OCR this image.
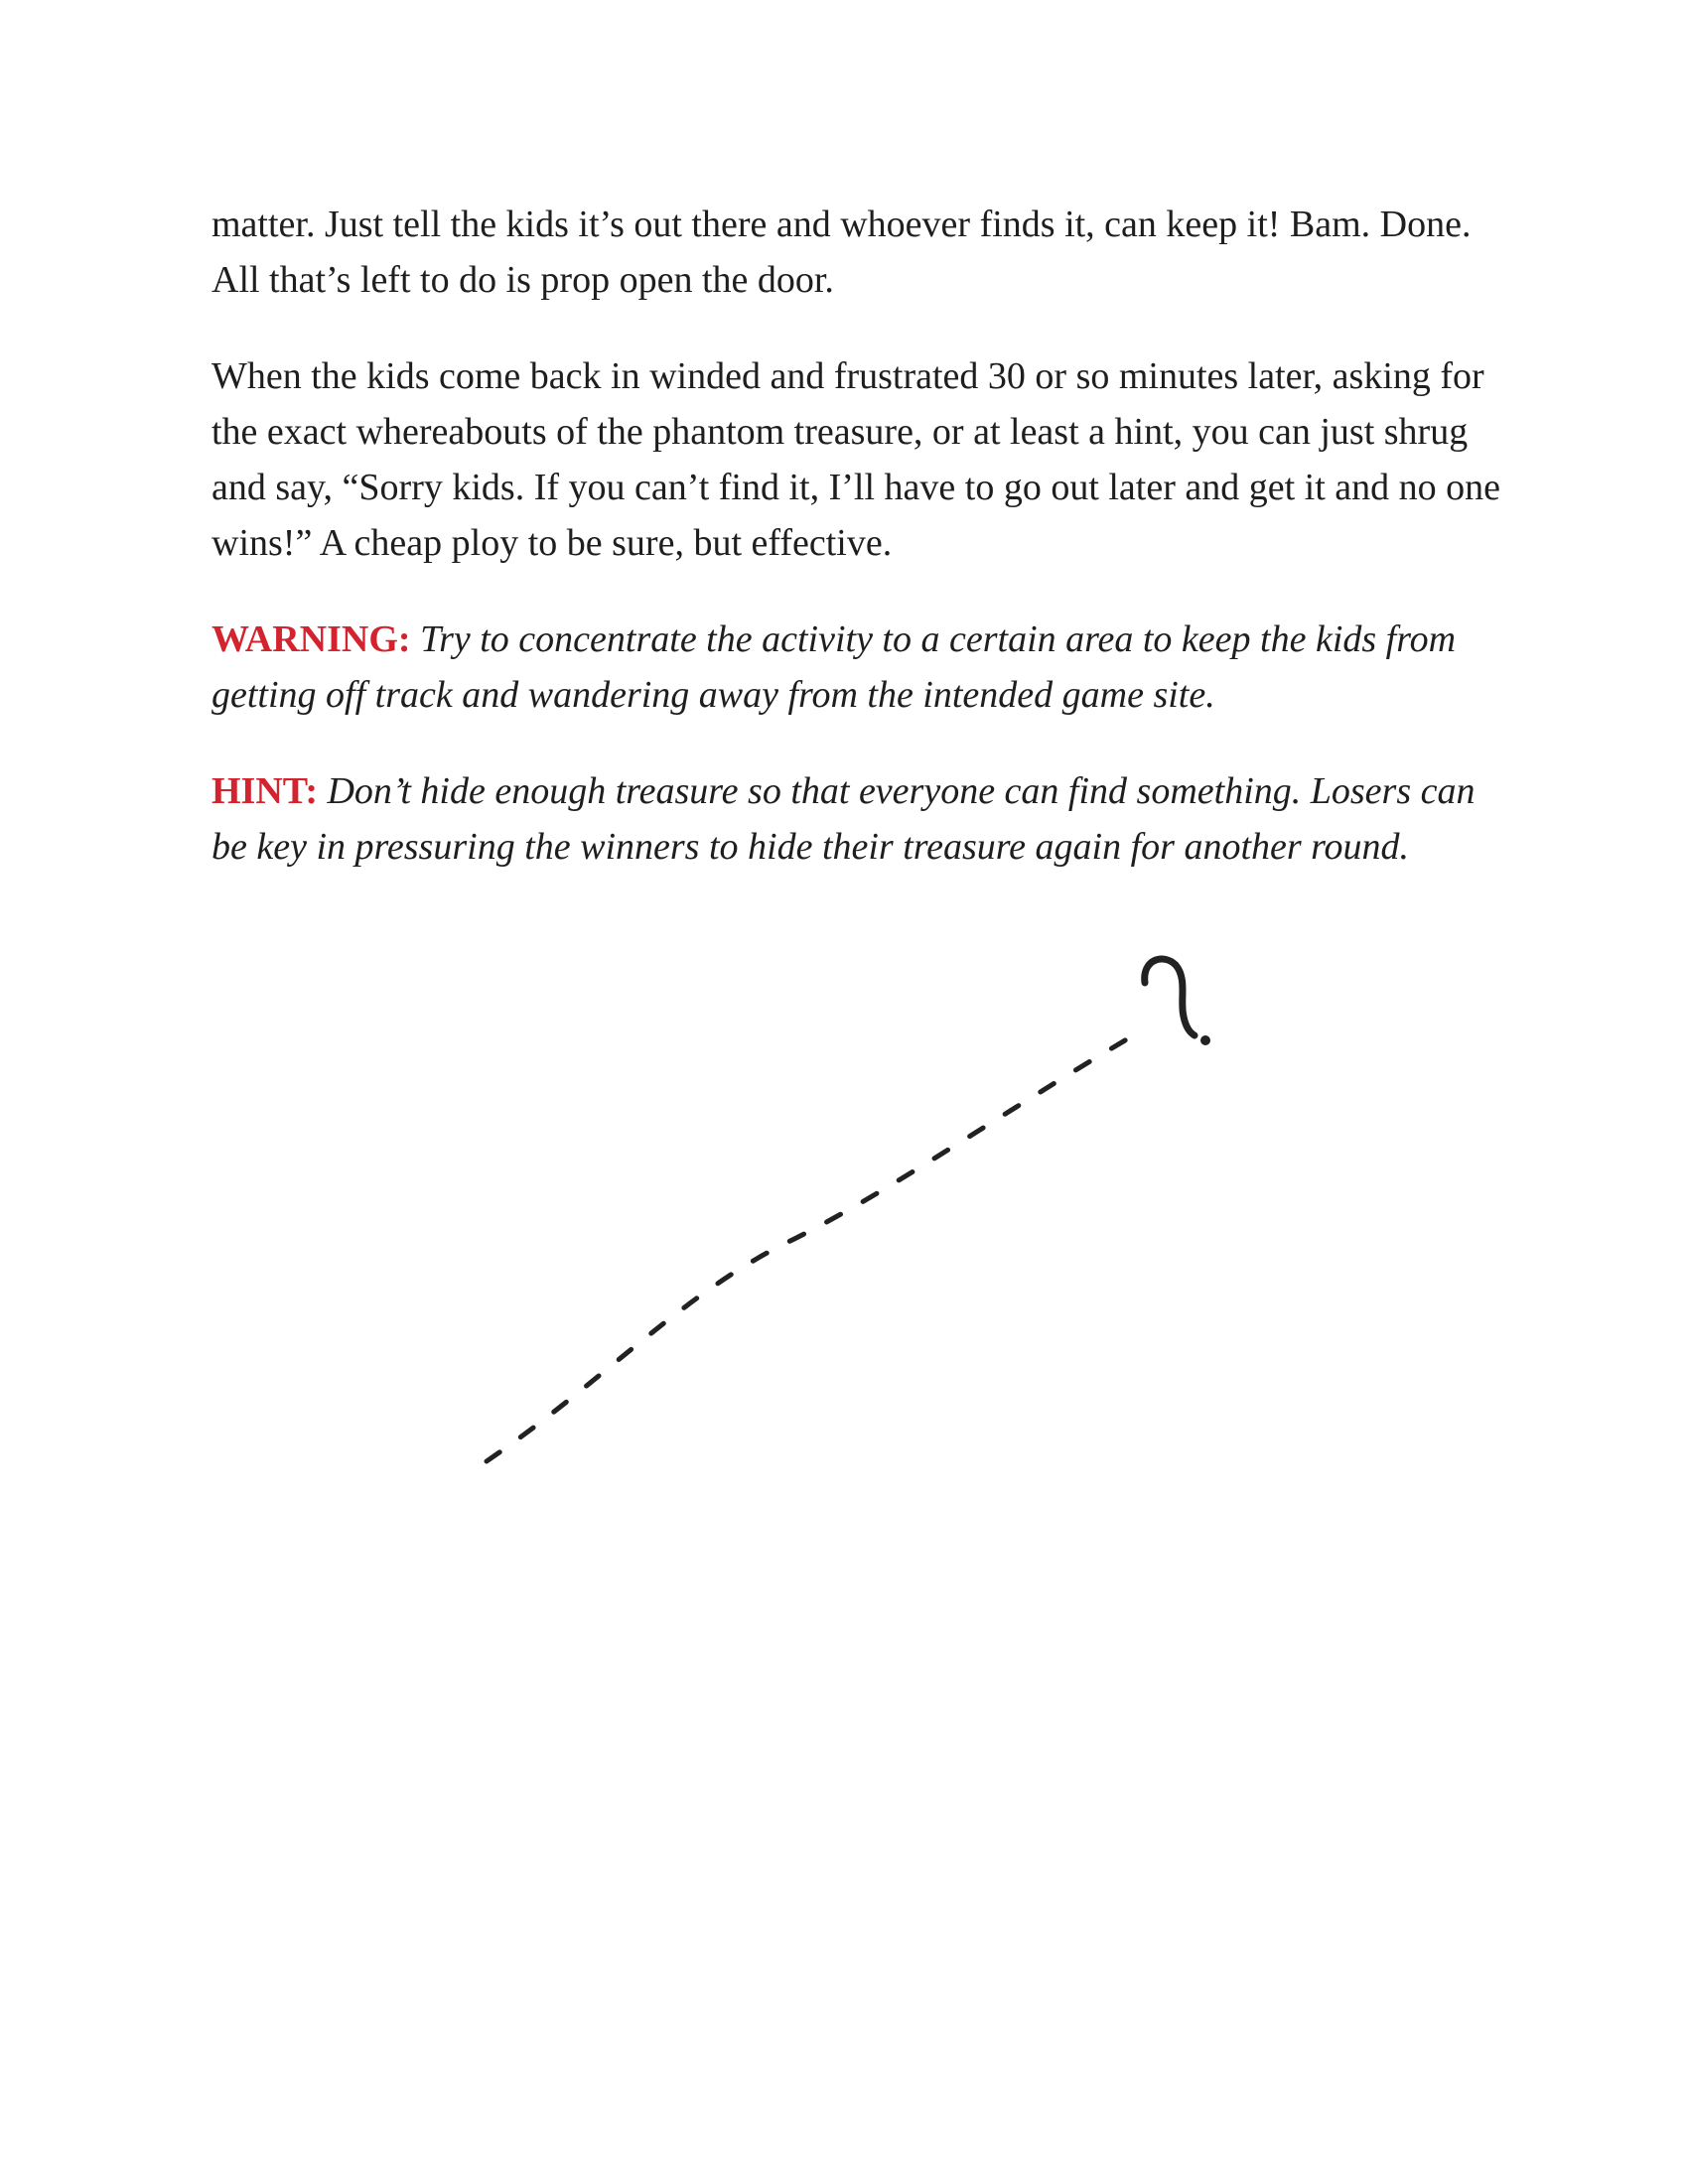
matter. Just tell the kids it’s out there and whoever finds it, can keep it! Bam. Done. All that’s left to do is prop open the door.

When the kids come back in winded and frustrated 30 or so minutes later, asking for the exact whereabouts of the phantom treasure, or at least a hint, you can just shrug and say, “Sorry kids. If you can’t find it, I’ll have to go out later and get it and no one wins!” A cheap ploy to be sure, but effective.

WARNING: Try to concentrate the activity to a certain area to keep the kids from getting off track and wandering away from the intended game site.

HINT: Don’t hide enough treasure so that everyone can find something. Losers can be key in pressuring the winners to hide their treasure again for another round.
